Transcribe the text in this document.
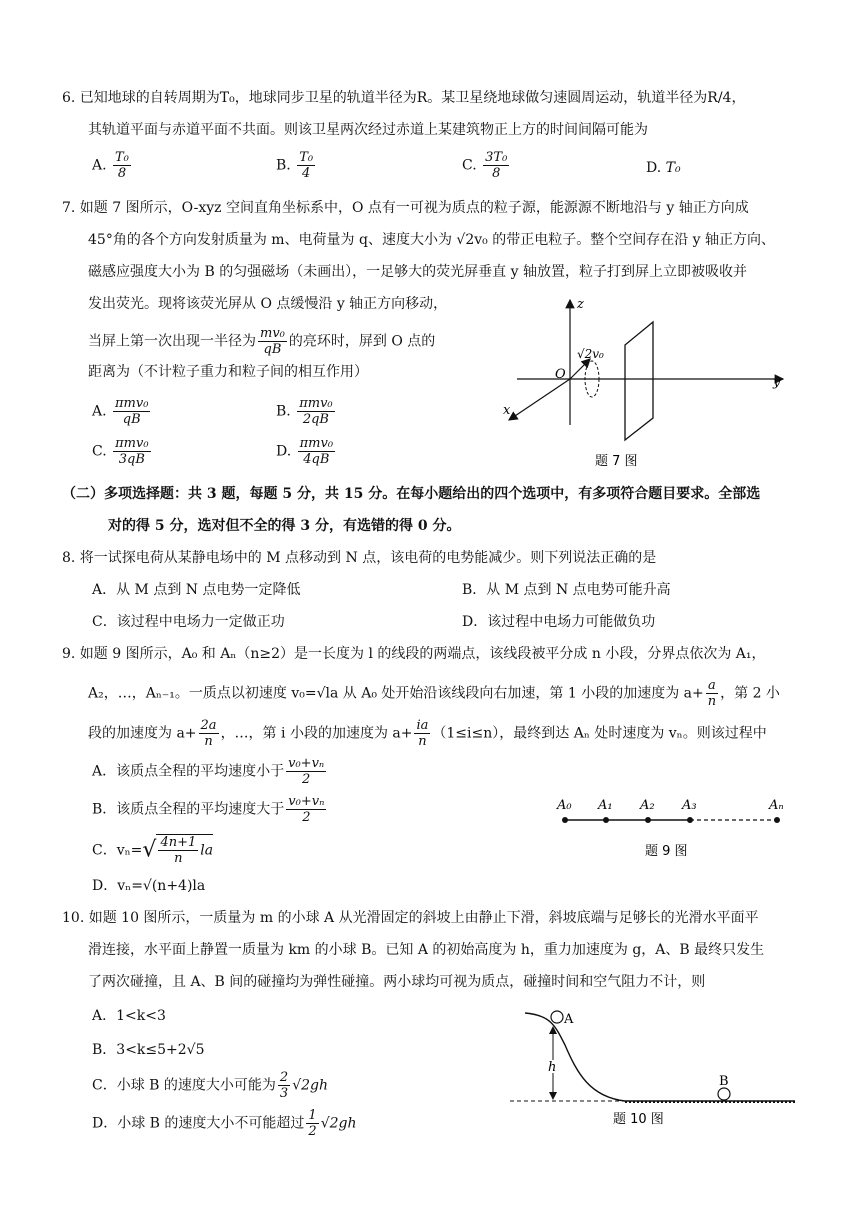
6. 已知地球的自转周期为T₀，地球同步卫星的轨道半径为R。某卫星绕地球做匀速圆周运动，轨道半径为R/4，
其轨道平面与赤道平面不共面。则该卫星两次经过赤道上某建筑物正上方的时间间隔可能为
A. $\frac{\text{T₀}}{8}$	B. $\frac{\text{T₀}}{4}$	C. $\frac{\text{3T₀}}{8}$	D. T₀
7. 如题 7 图所示，O-xyz 空间直角坐标系中，O 点有一可视为质点的粒子源，能源源不断地沿与 y 轴正方向成
45°角的各个方向发射质量为 m、电荷量为 q、速度大小为 √2v₀ 的带正电粒子。整个空间存在沿 y 轴正方向、
磁感应强度大小为 B 的匀强磁场（未画出），一足够大的荧光屏垂直 y 轴放置，粒子打到屏上立即被吸收并
发出荧光。现将该荧光屏从 O 点缓慢沿 y 轴正方向移动，
当屏上第一次出现一半径为 $\frac{\text{mv₀}}{qB}$ 的亮环时，屏到 O 点的
距离为（不计粒子重力和粒子间的相互作用）
A. $\frac{\text{πmv₀}}{qB}$	B. $\frac{\text{πmv₀}}{2qB}$
C. $\frac{\text{πmv₀}}{3qB}$	D. $\frac{\text{πmv₀}}{4qB}$
z
y
x
O
√2v₀
题 7 图
（二）多项选择题：共 3 题，每题 5 分，共 15 分。在每小题给出的四个选项中，有多项符合题目要求。全部选
对的得 5 分，选对但不全的得 3 分，有选错的得 0 分。
8. 将一试探电荷从某静电场中的 M 点移动到 N 点，该电荷的电势能减少。则下列说法正确的是
A．从 M 点到 N 点电势一定降低	B．从 M 点到 N 点电势可能升高
C．该过程中电场力一定做正功	D．该过程中电场力可能做负功
9. 如题 9 图所示，A₀ 和 Aₙ（n≥2）是一长度为 l 的线段的两端点，该线段被平分成 n 小段，分界点依次为 A₁，
A₂，…，Aₙ₋₁。一质点以初速度 v₀=√la 从 A₀ 处开始沿该线段向右加速，第 1 小段的加速度为 $a+ \frac{a}{n}$ ，第 2 小
段的加速度为 $a+ \frac{2a}{n}$ ，…，第 i 小段的加速度为 $a+ \frac{ia}{n} (1\le i\le n)$，最终到达 Aₙ 处时速度为 vₙ。则该过程中
A．该质点全程的平均速度小于 $\frac{\text{v₀+vₙ}}{2}$
B．该质点全程的平均速度大于 $\frac{\text{v₀+vₙ}}{2}$
C．$v_n=√ \frac{4n+1}{n}$ la
D．vₙ=√(n+4)la
A₀ A₁ A₂ A₃	Aₙ
题 9 图
10. 如题 10 图所示，一质量为 m 的小球 A 从光滑固定的斜坡上由静止下滑，斜坡底端与足够长的光滑水平面平
滑连接，水平面上静置一质量为 km 的小球 B。已知 A 的初始高度为 h，重力加速度为 g，A、B 最终只发生
了两次碰撞，且 A、B 间的碰撞均为弹性碰撞。两小球均可视为质点，碰撞时间和空气阻力不计，则
A．1<k<3
B．3<k≤5+2√5
C．小球 B 的速度大小可能为 $\frac{2}{3} √2gh$
D．小球 B 的速度大小不可能超过 $\frac{1}{2} √2gh$
A
h
B
题 10 图
